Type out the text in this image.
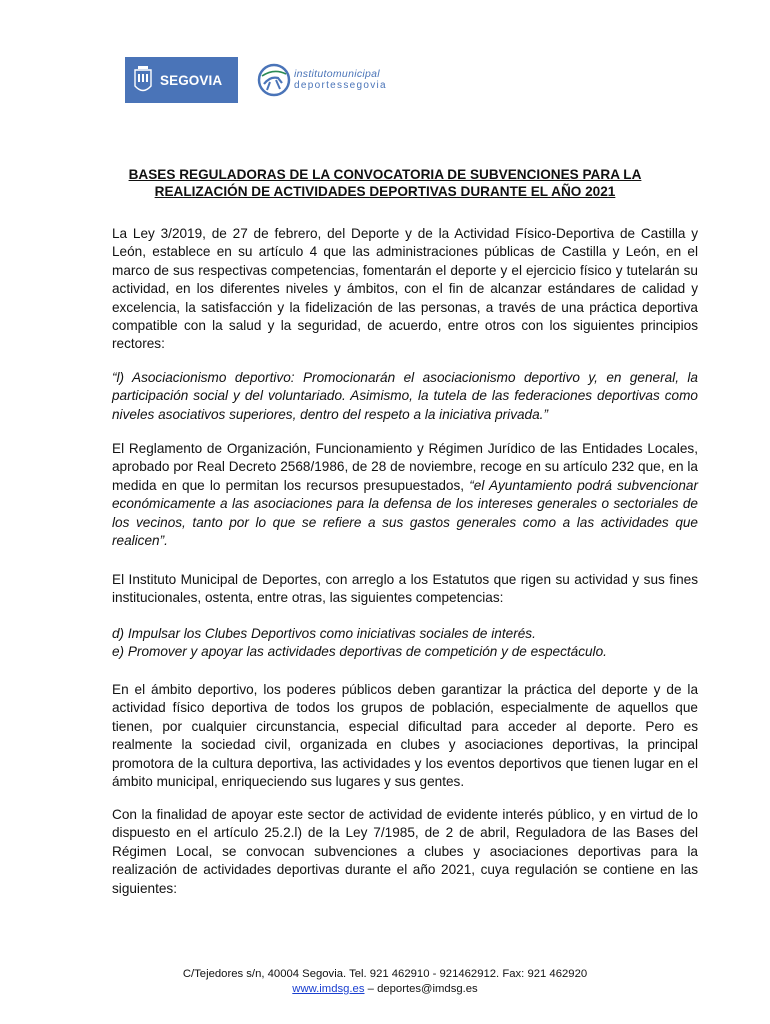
SEGOVIA	institutomunicipal
deportessegovia
BASES REGULADORAS DE LA CONVOCATORIA DE SUBVENCIONES PARA LA
REALIZACIÓN DE ACTIVIDADES DEPORTIVAS DURANTE EL AÑO 2021

La Ley 3/2019, de 27 de febrero, del Deporte y de la Actividad Físico-Deportiva de Castilla y León, establece en su artículo 4 que las administraciones públicas de Castilla y León, en el marco de sus respectivas competencias, fomentarán el deporte y el ejercicio físico y tutelarán su actividad, en los diferentes niveles y ámbitos, con el fin de alcanzar estándares de calidad y excelencia, la satisfacción y la fidelización de las personas, a través de una práctica deportiva compatible con la salud y la seguridad, de acuerdo, entre otros con los siguientes principios rectores:

“l) Asociacionismo deportivo: Promocionarán el asociacionismo deportivo y, en general, la participación social y del voluntariado. Asimismo, la tutela de las federaciones deportivas como niveles asociativos superiores, dentro del respeto a la iniciativa privada.”

El Reglamento de Organización, Funcionamiento y Régimen Jurídico de las Entidades Locales, aprobado por Real Decreto 2568/1986, de 28 de noviembre, recoge en su artículo 232 que, en la medida en que lo permitan los recursos presupuestados, “el Ayuntamiento podrá subvencionar económicamente a las asociaciones para la defensa de los intereses generales o sectoriales de los vecinos, tanto por lo que se refiere a sus gastos generales como a las actividades que realicen”.

El Instituto Municipal de Deportes, con arreglo a los Estatutos que rigen su actividad y sus fines institucionales, ostenta, entre otras, las siguientes competencias:

d) Impulsar los Clubes Deportivos como iniciativas sociales de interés.
e) Promover y apoyar las actividades deportivas de competición y de espectáculo.

En el ámbito deportivo, los poderes públicos deben garantizar la práctica del deporte y de la actividad físico deportiva de todos los grupos de población, especialmente de aquellos que tienen, por cualquier circunstancia, especial dificultad para acceder al deporte. Pero es realmente la sociedad civil, organizada en clubes y asociaciones deportivas, la principal promotora de la cultura deportiva, las actividades y los eventos deportivos que tienen lugar en el ámbito municipal, enriqueciendo sus lugares y sus gentes.

Con la finalidad de apoyar este sector de actividad de evidente interés público, y en virtud de lo dispuesto en el artículo 25.2.l) de la Ley 7/1985, de 2 de abril, Reguladora de las Bases del Régimen Local, se convocan subvenciones a clubes y asociaciones deportivas para la realización de actividades deportivas durante el año 2021, cuya regulación se contiene en las siguientes:

C/Tejedores s/n, 40004 Segovia. Tel. 921 462910 - 921462912. Fax: 921 462920
www.imdsg.es – deportes@imdsg.es
